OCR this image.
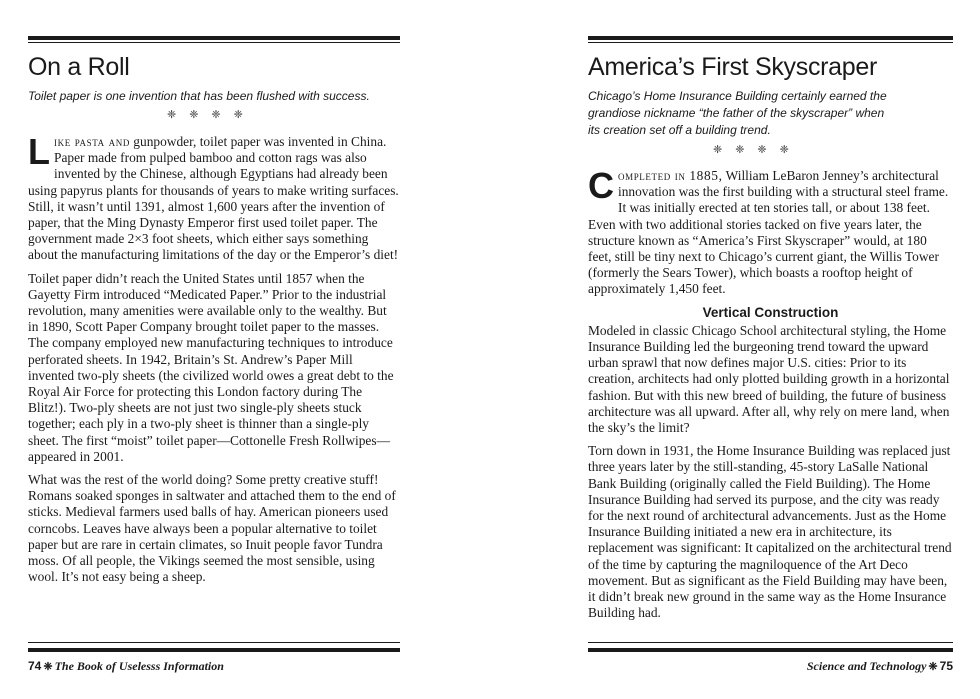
On a Roll
Toilet paper is one invention that has been flushed with success.
❈❈❈❈

Like pasta and gunpowder, toilet paper was invented in China. Paper made from pulped bamboo and cotton rags was also invented by the Chinese, although Egyptians had already been using papyrus plants for thousands of years to make writing surfaces. Still, it wasn’t until 1391, almost 1,600 years after the invention of paper, that the Ming Dynasty Emperor first used toilet paper. The government made 2×3 foot sheets, which either says something about the manufacturing limitations of the day or the Emperor’s diet!

Toilet paper didn’t reach the United States until 1857 when the Gayetty Firm introduced “Medicated Paper.” Prior to the industrial revolution, many amenities were available only to the wealthy. But in 1890, Scott Paper Company brought toilet paper to the masses. The company employed new manufacturing techniques to introduce perforated sheets. In 1942, Britain’s St. Andrew’s Paper Mill invented two-ply sheets (the civilized world owes a great debt to the Royal Air Force for protecting this London factory during The Blitz!). Two-ply sheets are not just two single-ply sheets stuck together; each ply in a two-ply sheet is thinner than a single-ply sheet. The first “moist” toilet paper—Cottonelle Fresh Rollwipes—appeared in 2001.

What was the rest of the world doing? Some pretty creative stuff! Romans soaked sponges in saltwater and attached them to the end of sticks. Medieval farmers used balls of hay. American pioneers used corncobs. Leaves have always been a popular alternative to toilet paper but are rare in certain climates, so Inuit people favor Tundra moss. Of all people, the Vikings seemed the most sensible, using wool. It’s not easy being a sheep.

74 ❈ The Book of Uselesss Information
America’s First Skyscraper
Chicago’s Home Insurance Building certainly earned the grandiose nickname “the father of the skyscraper” when its creation set off a building trend.
❈❈❈❈

Completed in 1885, William LeBaron Jenney’s architectural innovation was the first building with a structural steel frame. It was initially erected at ten stories tall, or about 138 feet. Even with two additional stories tacked on five years later, the structure known as “America’s First Skyscraper” would, at 180 feet, still be tiny next to Chicago’s current giant, the Willis Tower (formerly the Sears Tower), which boasts a rooftop height of approximately 1,450 feet.

Vertical Construction

Modeled in classic Chicago School architectural styling, the Home Insurance Building led the burgeoning trend toward the upward urban sprawl that now defines major U.S. cities: Prior to its creation, architects had only plotted building growth in a horizontal fashion. But with this new breed of building, the future of business architecture was all upward. After all, why rely on mere land, when the sky’s the limit?

Torn down in 1931, the Home Insurance Building was replaced just three years later by the still-standing, 45-story LaSalle National Bank Building (originally called the Field Building). The Home Insurance Building had served its purpose, and the city was ready for the next round of architectural advancements. Just as the Home Insurance Building initiated a new era in architecture, its replacement was significant: It capitalized on the architectural trend of the time by capturing the magniloquence of the Art Deco movement. But as significant as the Field Building may have been, it didn’t break new ground in the same way as the Home Insurance Building had.

Science and Technology ❈ 75
